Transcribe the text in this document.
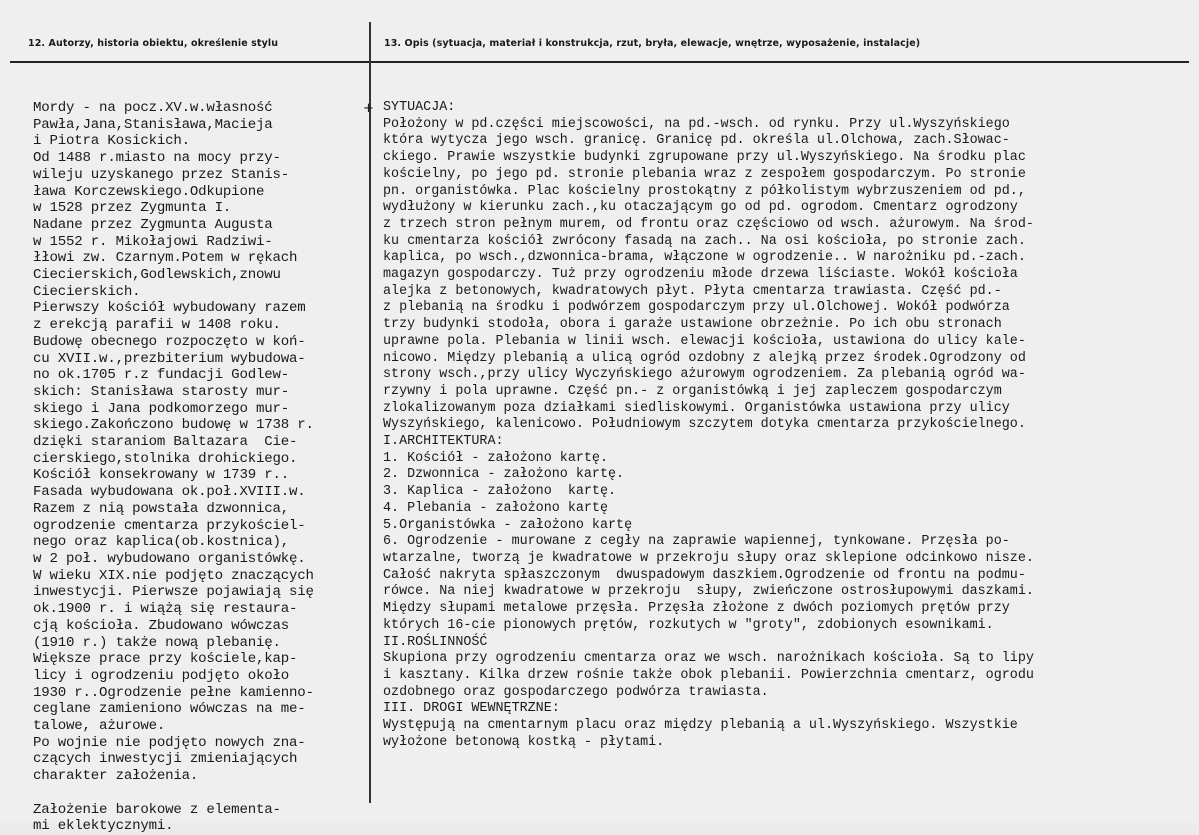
12. Autorzy, historia obiektu, określenie stylu	13. Opis (sytuacja, materiał i konstrukcja, rzut, bryła, elewacje, wnętrze, wyposażenie, instalacje)
+
Mordy - na pocz.XV.w.własność
Pawła,Jana,Stanisława,Macieja
i Piotra Kosickich.
Od 1488 r.miasto na mocy przy-
wileju uzyskanego przez Stanis-
ława Korczewskiego.Odkupione
w 1528 przez Zygmunta I.
Nadane przez Zygmunta Augusta
w 1552 r. Mikołajowi Radziwi-
łłowi zw. Czarnym.Potem w rękach
Ciecierskich,Godlewskich,znowu
Ciecierskich.
Pierwszy kościół wybudowany razem
z erekcją parafii w 1408 roku.
Budowę obecnego rozpoczęto w koń-
cu XVII.w.,prezbiterium wybudowa-
no ok.1705 r.z fundacji Godlew-
skich: Stanisława starosty mur-
skiego i Jana podkomorzego mur-
skiego.Zakończono budowę w 1738 r.
dzięki staraniom Baltazara  Cie-
cierskiego,stolnika drohickiego.
Kościół konsekrowany w 1739 r..
Fasada wybudowana ok.poł.XVIII.w.
Razem z nią powstała dzwonnica,
ogrodzenie cmentarza przykościel-
nego oraz kaplica(ob.kostnica),
w 2 poł. wybudowano organistówkę.
W wieku XIX.nie podjęto znaczących
inwestycji. Pierwsze pojawiają się
ok.1900 r. i wiążą się restaura-
cją kościoła. Zbudowano wówczas
(1910 r.) także nową plebanię.
Większe prace przy kościele,kap-
licy i ogrodzeniu podjęto około
1930 r..Ogrodzenie pełne kamienno-
ceglane zamieniono wówczas na me-
talowe, ażurowe.
Po wojnie nie podjęto nowych zna-
czących inwestycji zmieniających
charakter założenia.

Założenie barokowe z elementa-
mi eklektycznymi.
SYTUACJA:
Położony w pd.części miejscowości, na pd.-wsch. od rynku. Przy ul.Wyszyńskiego
która wytycza jego wsch. granicę. Granicę pd. określa ul.Olchowa, zach.Słowac-
ckiego. Prawie wszystkie budynki zgrupowane przy ul.Wyszyńskiego. Na środku plac
kościelny, po jego pd. stronie plebania wraz z zespołem gospodarczym. Po stronie
pn. organistówka. Plac kościelny prostokątny z półkolistym wybrzuszeniem od pd.,
wydłużony w kierunku zach.,ku otaczającym go od pd. ogrodom. Cmentarz ogrodzony
z trzech stron pełnym murem, od frontu oraz częściowo od wsch. ażurowym. Na środ-
ku cmentarza kościół zwrócony fasadą na zach.. Na osi kościoła, po stronie zach.
kaplica, po wsch.,dzwonnica-brama, włączone w ogrodzenie.. W narożniku pd.-zach.
magazyn gospodarczy. Tuż przy ogrodzeniu młode drzewa liściaste. Wokół kościoła
alejka z betonowych, kwadratowych płyt. Płyta cmentarza trawiasta. Część pd.-
z plebanią na środku i podwórzem gospodarczym przy ul.Olchowej. Wokół podwórza
trzy budynki stodoła, obora i garaże ustawione obrzeżnie. Po ich obu stronach
uprawne pola. Plebania w linii wsch. elewacji kościoła, ustawiona do ulicy kale-
nicowo. Między plebanią a ulicą ogród ozdobny z alejką przez środek.Ogrodzony od
strony wsch.,przy ulicy Wyczyńskiego ażurowym ogrodzeniem. Za plebanią ogród wa-
rzywny i pola uprawne. Część pn.- z organistówką i jej zapleczem gospodarczym
zlokalizowanym poza działkami siedliskowymi. Organistówka ustawiona przy ulicy
Wyszyńskiego, kalenicowo. Południowym szczytem dotyka cmentarza przykościelnego.
I.ARCHITEKTURA:
1. Kościół - założono kartę.
2. Dzwonnica - założono kartę.
3. Kaplica - założono  kartę.
4. Plebania - założono kartę
5.Organistówka - założono kartę
6. Ogrodzenie - murowane z cegły na zaprawie wapiennej, tynkowane. Przęsła po-
wtarzalne, tworzą je kwadratowe w przekroju słupy oraz sklepione odcinkowo nisze.
Całość nakryta spłaszczonym  dwuspadowym daszkiem.Ogrodzenie od frontu na podmu-
rówce. Na niej kwadratowe w przekroju  słupy, zwieńczone ostrosłupowymi daszkami.
Między słupami metalowe przęsła. Przęsła złożone z dwóch poziomych prętów przy
których 16-cie pionowych prętów, rozkutych w "groty", zdobionych esownikami.
II.ROŚLINNOŚĆ
Skupiona przy ogrodzeniu cmentarza oraz we wsch. narożnikach kościoła. Są to lipy
i kasztany. Kilka drzew rośnie także obok plebanii. Powierzchnia cmentarz, ogrodu
ozdobnego oraz gospodarczego podwórza trawiasta.
III. DROGI WEWNĘTRZNE:
Występują na cmentarnym placu oraz między plebanią a ul.Wyszyńskiego. Wszystkie
wyłożone betonową kostką - płytami.
